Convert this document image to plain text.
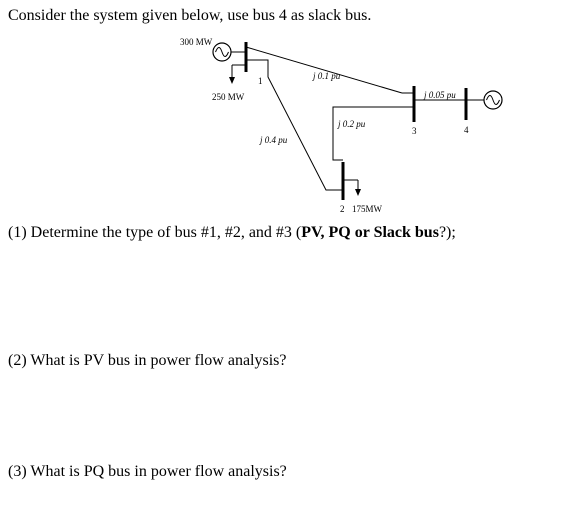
Consider the system given below, use bus 4 as slack bus.
300 MW
250 MW
1	j 0.1 pu
j 0.2 pu
j 0.4 pu
j 0.05 pu
3	4
2 175MW
(1) Determine the type of bus #1, #2, and #3 (PV, PQ or Slack bus?);
(2) What is PV bus in power flow analysis?
(3) What is PQ bus in power flow analysis?
